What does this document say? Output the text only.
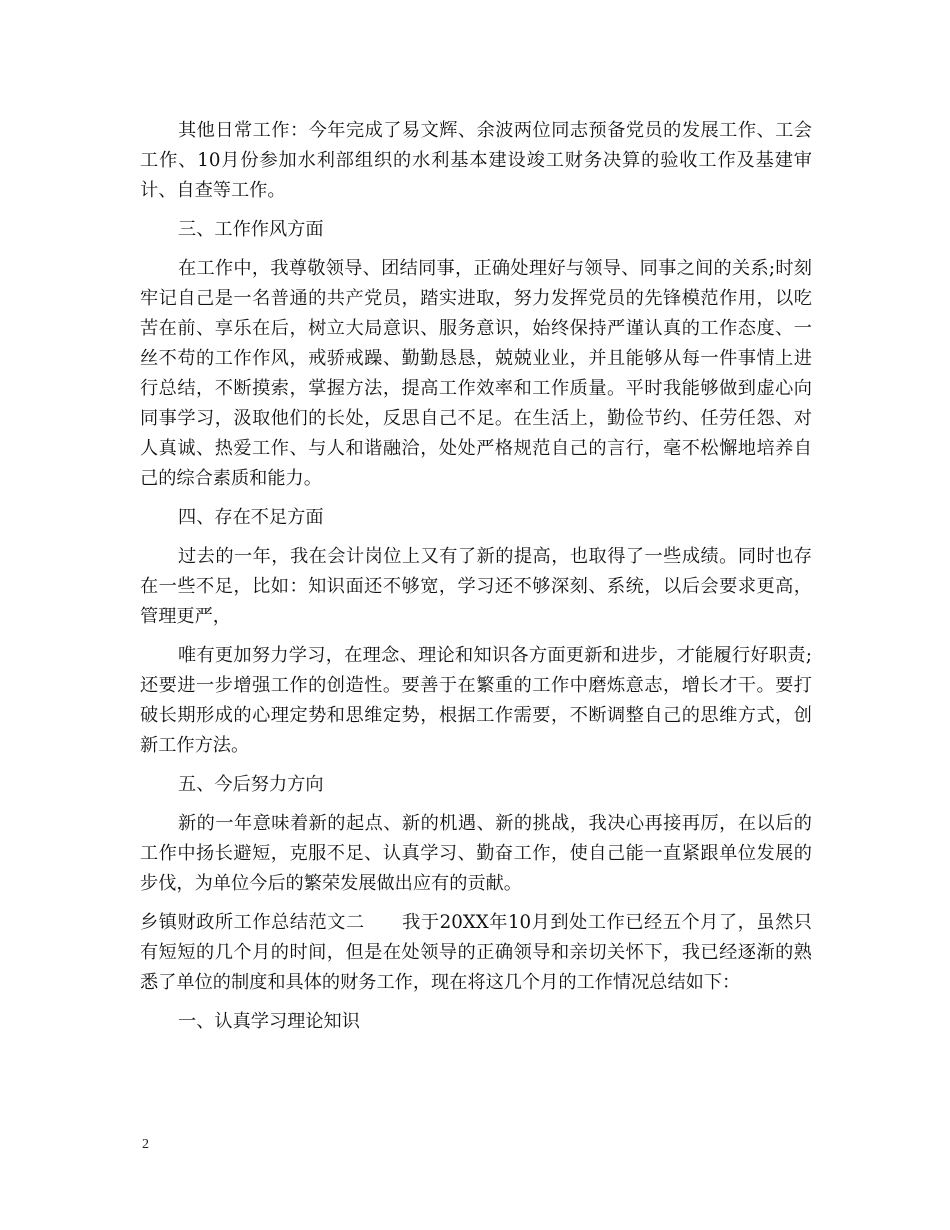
其他日常工作：今年完成了易文辉、余波两位同志预备党员的发展工作、工会工作、10月份参加水利部组织的水利基本建设竣工财务决算的验收工作及基建审计、自查等工作。

三、工作作风方面

在工作中，我尊敬领导、团结同事，正确处理好与领导、同事之间的关系;时刻牢记自己是一名普通的共产党员，踏实进取，努力发挥党员的先锋模范作用，以吃苦在前、享乐在后，树立大局意识、服务意识，始终保持严谨认真的工作态度、一丝不苟的工作作风，戒骄戒躁、勤勤恳恳，兢兢业业，并且能够从每一件事情上进行总结，不断摸索，掌握方法，提高工作效率和工作质量。平时我能够做到虚心向同事学习，汲取他们的长处，反思自己不足。在生活上，勤俭节约、任劳任怨、对人真诚、热爱工作、与人和谐融洽，处处严格规范自己的言行，毫不松懈地培养自己的综合素质和能力。

四、存在不足方面

过去的一年，我在会计岗位上又有了新的提高，也取得了一些成绩。同时也存在一些不足，比如：知识面还不够宽，学习还不够深刻、系统，以后会要求更高，管理更严，

唯有更加努力学习，在理念、理论和知识各方面更新和进步，才能履行好职责;还要进一步增强工作的创造性。要善于在繁重的工作中磨炼意志，增长才干。要打破长期形成的心理定势和思维定势，根据工作需要，不断调整自己的思维方式，创新工作方法。

五、今后努力方向

新的一年意味着新的起点、新的机遇、新的挑战，我决心再接再厉，在以后的工作中扬长避短，克服不足、认真学习、勤奋工作，使自己能一直紧跟单位发展的步伐，为单位今后的繁荣发展做出应有的贡献。

乡镇财政所工作总结范文二　　我于20XX年10月到处工作已经五个月了，虽然只有短短的几个月的时间，但是在处领导的正确领导和亲切关怀下，我已经逐渐的熟悉了单位的制度和具体的财务工作，现在将这几个月的工作情况总结如下：

一、认真学习理论知识

2
